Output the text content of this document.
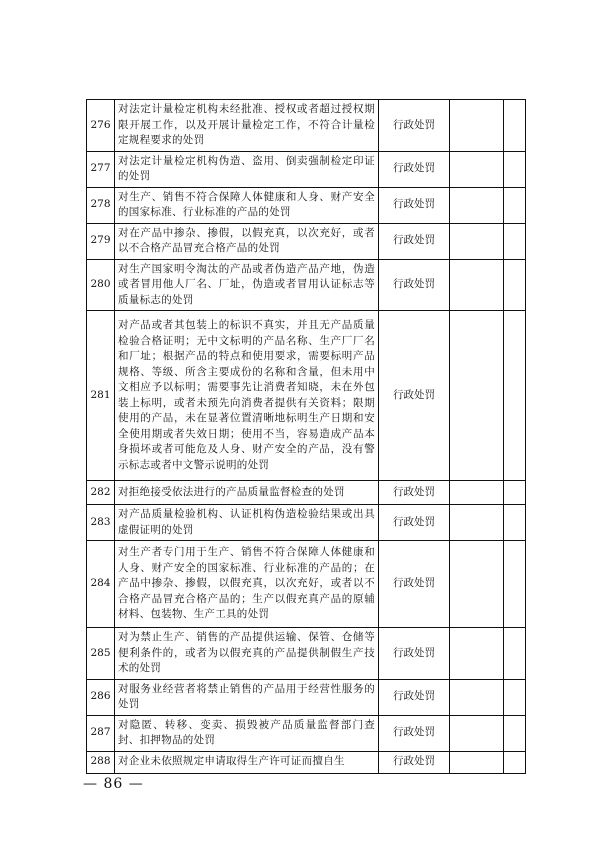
276	对法定计量检定机构未经批准、授权或者超过授权期限开展工作，以及开展计量检定工作，不符合计量检定规程要求的处罚	行政处罚		
277	对法定计量检定机构伪造、盗用、倒卖强制检定印证的处罚	行政处罚		
278	对生产、销售不符合保障人体健康和人身、财产安全的国家标准、行业标准的产品的处罚	行政处罚		
279	对在产品中掺杂、掺假，以假充真，以次充好，或者以不合格产品冒充合格产品的处罚	行政处罚		
280	对生产国家明令淘汰的产品或者伪造产品产地，伪造或者冒用他人厂名、厂址，伪造或者冒用认证标志等质量标志的处罚	行政处罚		
281	对产品或者其包装上的标识不真实，并且无产品质量检验合格证明；无中文标明的产品名称、生产厂厂名和厂址；根据产品的特点和使用要求，需要标明产品规格、等级、所含主要成份的名称和含量，但未用中文相应予以标明；需要事先让消费者知晓，未在外包装上标明，或者未预先向消费者提供有关资料；限期使用的产品，未在显著位置清晰地标明生产日期和安全使用期或者失效日期；使用不当，容易造成产品本身损坏或者可能危及人身、财产安全的产品，没有警示标志或者中文警示说明的处罚	行政处罚		
282	对拒绝接受依法进行的产品质量监督检查的处罚	行政处罚		
283	对产品质量检验机构、认证机构伪造检验结果或出具虚假证明的处罚	行政处罚		
284	对生产者专门用于生产、销售不符合保障人体健康和人身、财产安全的国家标准、行业标准的产品的；在产品中掺杂、掺假，以假充真，以次充好，或者以不合格产品冒充合格产品的；生产以假充真产品的原辅材料、包装物、生产工具的处罚	行政处罚		
285	对为禁止生产、销售的产品提供运输、保管、仓储等便利条件的，或者为以假充真的产品提供制假生产技术的处罚	行政处罚		
286	对服务业经营者将禁止销售的产品用于经营性服务的处罚	行政处罚		
287	对隐匿、转移、变卖、损毁被产品质量监督部门查封、扣押物品的处罚	行政处罚		
288	对企业未依照规定申请取得生产许可证而擅自生	行政处罚		
— 86 —
